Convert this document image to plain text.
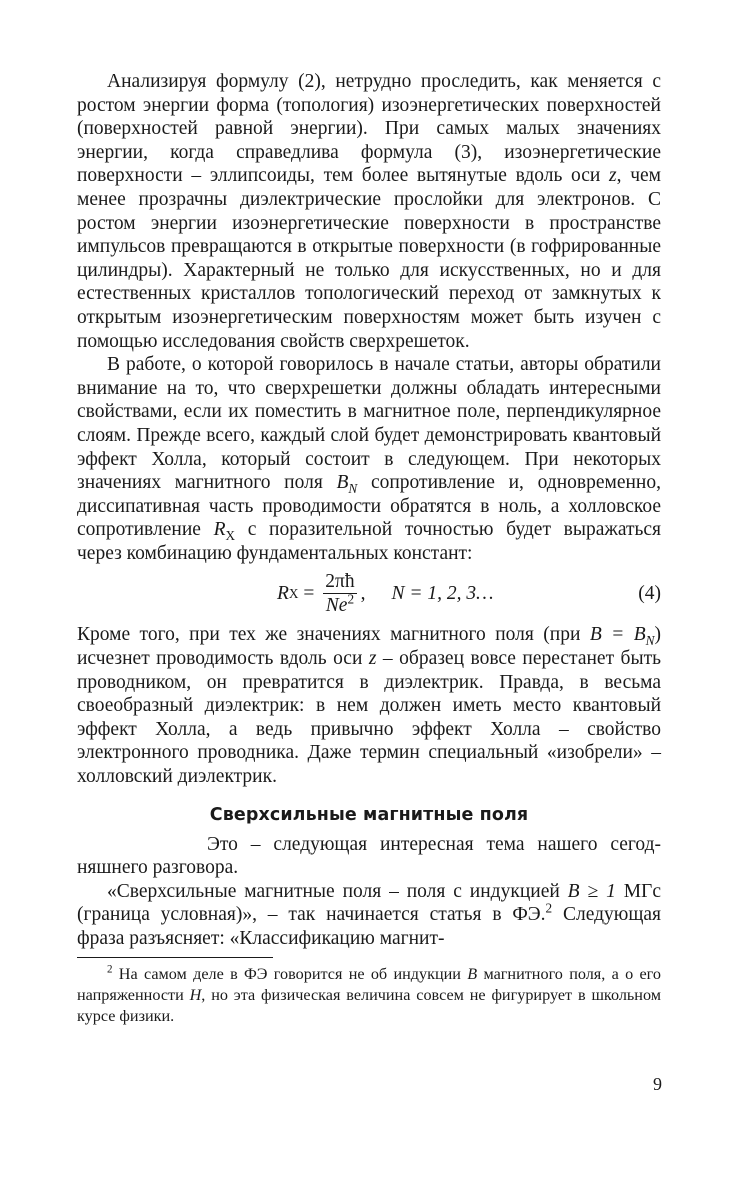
Анализируя формулу (2), нетрудно проследить, как меняется с ростом энергии форма (топология) изоэнергетических поверхностей (поверхностей равной энергии). При самых малых значениях энергии, когда справедлива формула (3), изоэнергетические поверхности – эллипсоиды, тем более вытянутые вдоль оси z, чем менее прозрачны диэлектрические прослойки для электронов. С ростом энергии изоэнергетические поверхности в пространстве импульсов превращаются в открытые поверхности (в гофрированные цилиндры). Характерный не только для искусственных, но и для естественных кристаллов топологический переход от замкнутых к открытым изоэнергетическим поверхностям может быть изучен с помощью исследования свойств сверхрешеток.

В работе, о которой говорилось в начале статьи, авторы обратили внимание на то, что сверхрешетки должны обладать интересными свойствами, если их поместить в магнитное поле, перпендикулярное слоям. Прежде всего, каждый слой будет демонстрировать квантовый эффект Холла, который состоит в следующем. При некоторых значениях магнитного поля $B_N$ сопротивление и, одновременно, диссипативная часть проводимости обратятся в ноль, а холловское сопротивление $R_X$ с поразительной точностью будет выражаться через комбинацию фундаментальных констант:

R $X = \frac{2\pi ħ}{Ne^2}$ , N = 1, 2, 3…	(4)

Кроме того, при тех же значениях магнитного поля (при $B = B_N$) исчезнет проводимость вдоль оси z – образец вовсе перестанет быть проводником, он превратится в диэлектрик. Правда, в весьма своеобразный диэлектрик: в нем должен иметь место квантовый эффект Холла, а ведь привычно эффект Холла – свойство электронного проводника. Даже термин специальный «изобрели» – холловский диэлектрик.

Сверхсильные магнитные поля

Это – следующая интересная тема нашего сегодняшнего разговора.

«Сверхсильные магнитные поля – поля с индукцией B ≥ 1 МГс (граница условная)», – так начинается статья в ФЭ.$^2$ Следующая фраза разъясняет: «Классификацию магнит-

$^2$ На самом деле в ФЭ говорится не об индукции B магнитного поля, а о его напряженности H, но эта физическая величина совсем не фигурирует в школьном курсе физики.

9
